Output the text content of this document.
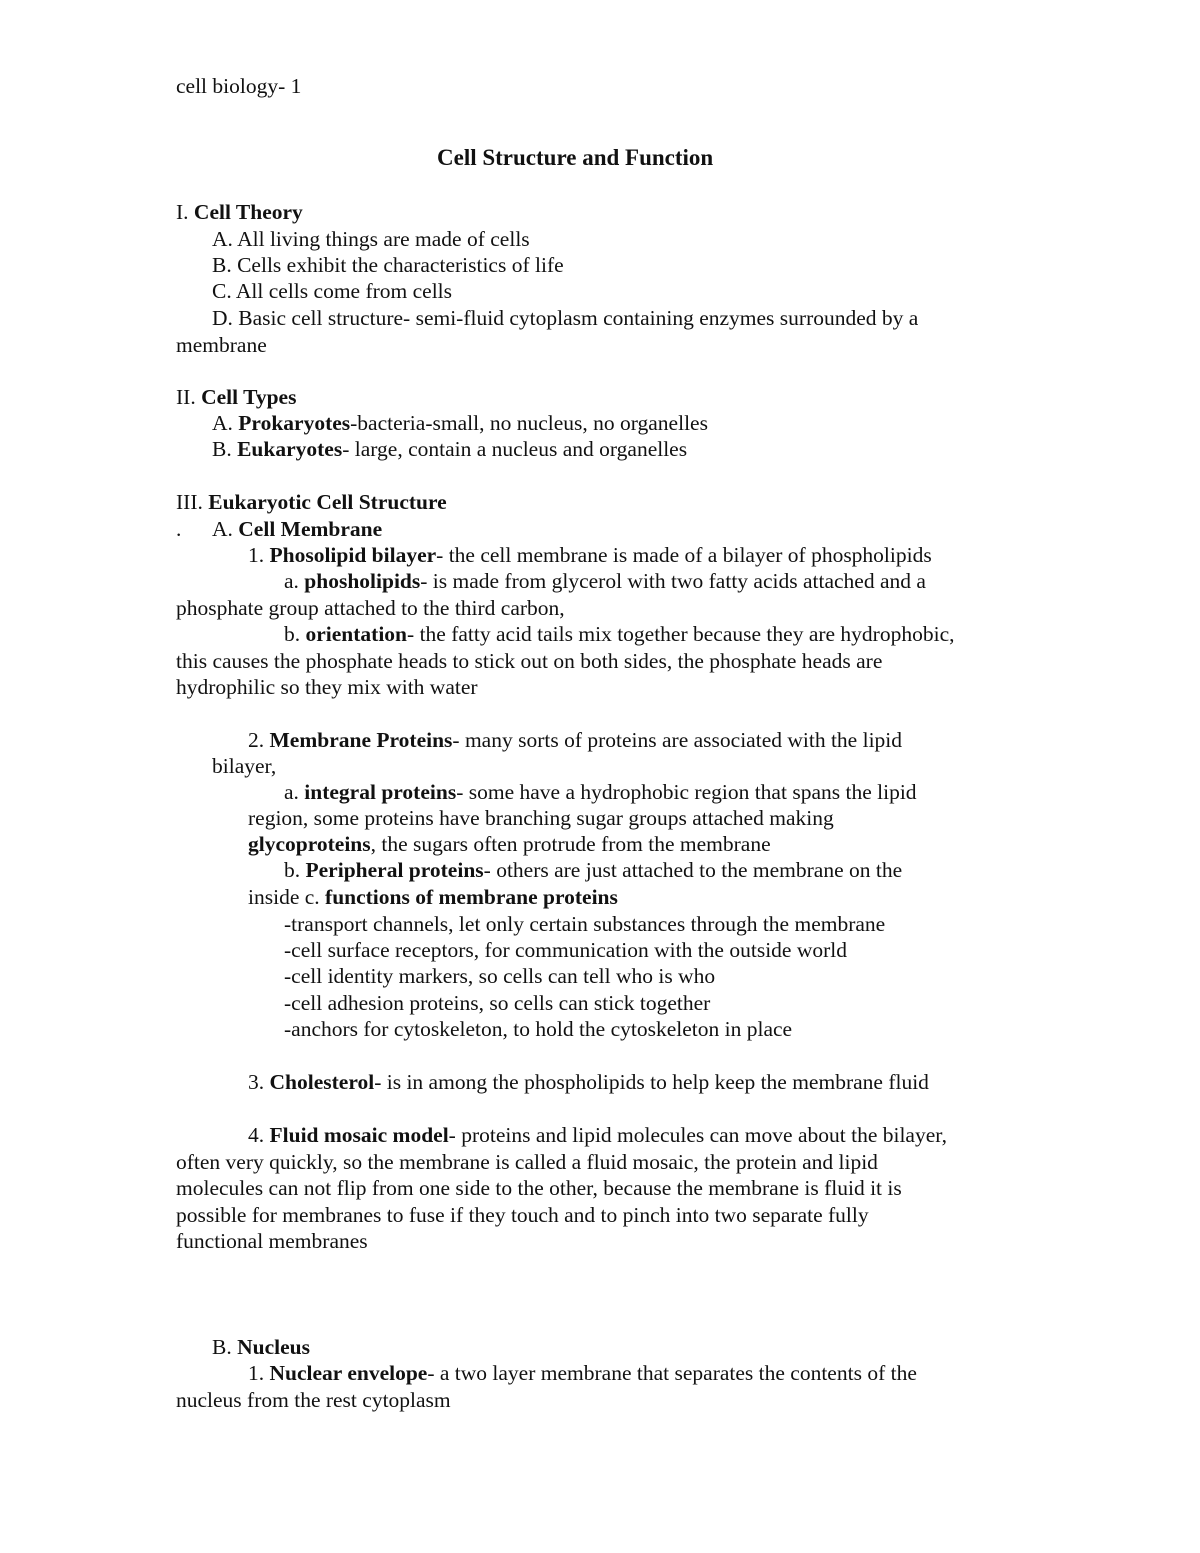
cell biology- 1
Cell Structure and Function
I. Cell Theory
A. All living things are made of cells
B. Cells exhibit the characteristics of life
C. All cells come from cells
D. Basic cell structure- semi-fluid cytoplasm containing enzymes surrounded by a
membrane
II. Cell Types
A. Prokaryotes-bacteria-small, no nucleus, no organelles
B. Eukaryotes- large, contain a nucleus and organelles
III. Eukaryotic Cell Structure
. A. Cell Membrane
1. Phosolipid bilayer- the cell membrane is made of a bilayer of phospholipids
a. phosholipids- is made from glycerol with two fatty acids attached and a
phosphate group attached to the third carbon,
b. orientation- the fatty acid tails mix together because they are hydrophobic,
this causes the phosphate heads to stick out on both sides, the phosphate heads are
hydrophilic so they mix with water
2. Membrane Proteins- many sorts of proteins are associated with the lipid
bilayer,
a. integral proteins- some have a hydrophobic region that spans the lipid
region, some proteins have branching sugar groups attached making
glycoproteins, the sugars often protrude from the membrane
b. Peripheral proteins- others are just attached to the membrane on the
inside c. functions of membrane proteins
-transport channels, let only certain substances through the membrane
-cell surface receptors, for communication with the outside world
-cell identity markers, so cells can tell who is who
-cell adhesion proteins, so cells can stick together
-anchors for cytoskeleton, to hold the cytoskeleton in place
3. Cholesterol- is in among the phospholipids to help keep the membrane fluid
4. Fluid mosaic model- proteins and lipid molecules can move about the bilayer,
often very quickly, so the membrane is called a fluid mosaic, the protein and lipid
molecules can not flip from one side to the other, because the membrane is fluid it is
possible for membranes to fuse if they touch and to pinch into two separate fully
functional membranes
B. Nucleus
1. Nuclear envelope- a two layer membrane that separates the contents of the
nucleus from the rest cytoplasm
